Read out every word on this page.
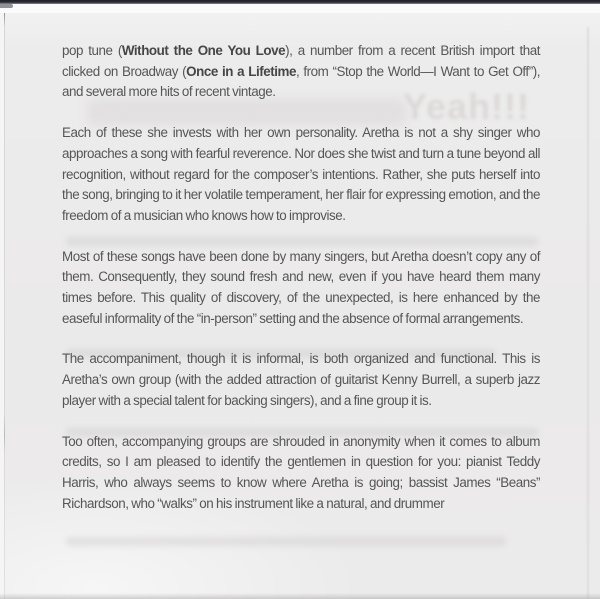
Yeah!!!

pop tune (Without the One You Love), a number from a recent British import that clicked on Broadway (Once in a Lifetime, from “Stop the World—I Want to Get Off”), and several more hits of recent vintage.

Each of these she invests with her own personality. Aretha is not a shy singer who approaches a song with fearful reverence. Nor does she twist and turn a tune beyond all recognition, without regard for the composer’s intentions. Rather, she puts herself into the song, bringing to it her volatile temperament, her flair for expressing emotion, and the freedom of a musician who knows how to improvise.

Most of these songs have been done by many singers, but Aretha doesn’t copy any of them. Consequently, they sound fresh and new, even if you have heard them many times before. This quality of discovery, of the unexpected, is here enhanced by the easeful informality of the “in-person” setting and the absence of formal arrangements.

The accompaniment, though it is informal, is both organized and functional. This is Aretha’s own group (with the added attraction of guitarist Kenny Burrell, a superb jazz player with a special talent for backing singers), and a fine group it is.

Too often, accompanying groups are shrouded in anonymity when it comes to album credits, so I am pleased to identify the gentlemen in question for you: pianist Teddy Harris, who always seems to know where Aretha is going; bassist James “Beans” Richardson, who “walks” on his instrument like a natural, and drummer
